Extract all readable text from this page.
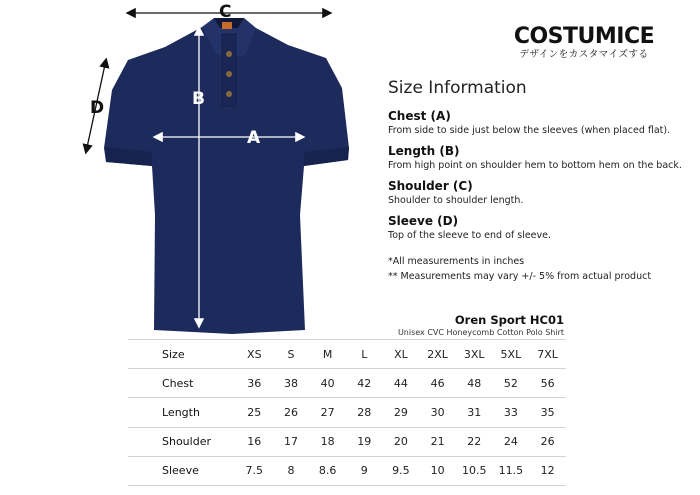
C
D	B
A
COSTUMICE
デザインをカスタマイズする
Size Information
Chest (A)
From side to side just below the sleeves (when placed flat).
Length (B)
From high point on shoulder hem to bottom hem on the back.
Shoulder (C)
Shoulder to shoulder length.
Sleeve (D)
Top of the sleeve to end of sleeve.
*All measurements in inches
** Measurements may vary +/- 5% from actual product
Oren Sport HC01
Unisex CVC Honeycomb Cotton Polo Shirt
Size	XS	S	M	L	XL	2XL	3XL	5XL	7XL
Chest	36	38	40	42	44	46	48	52	56
Length	25	26	27	28	29	30	31	33	35
Shoulder	16	17	18	19	20	21	22	24	26
Sleeve	7.5	8	8.6	9	9.5	10	10.5	11.5	12
